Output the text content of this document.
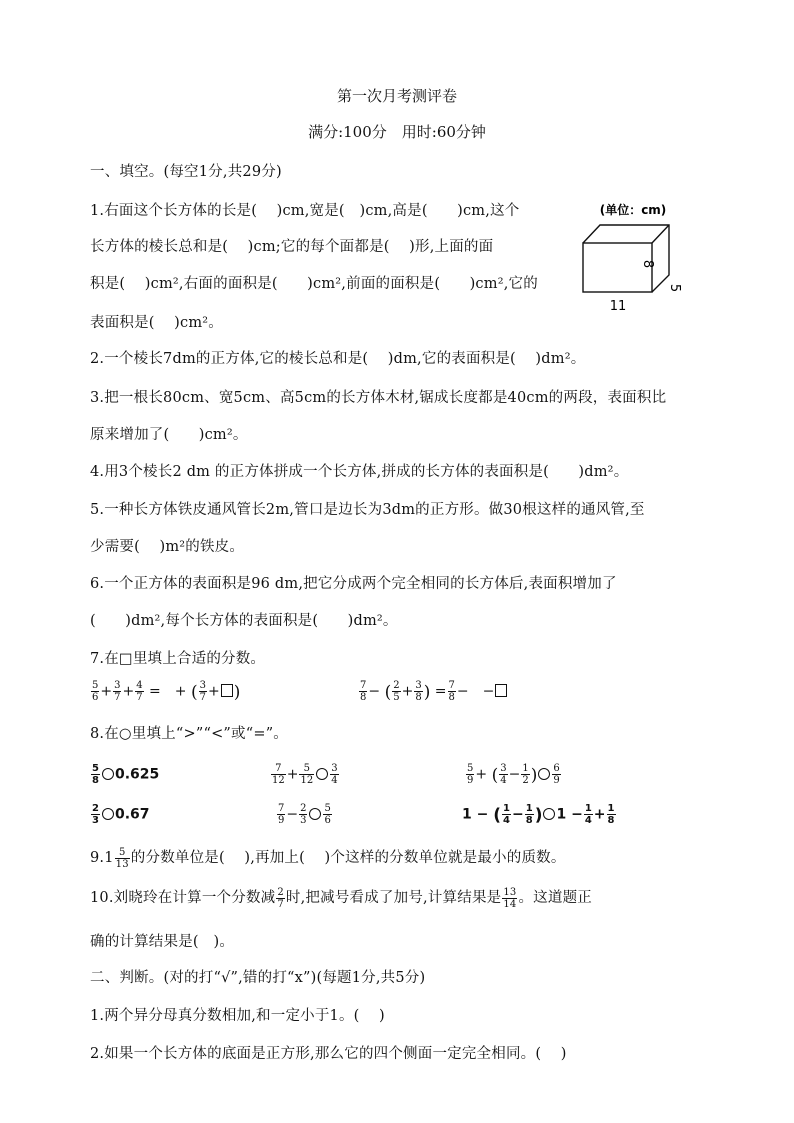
第一次月考测评卷
满分:100分　用时:60分钟
一、填空。(每空1分,共29分)
1.右面这个长方体的长是(　 )cm,宽是(　)cm,高是(　　)cm,这个
长方体的棱长总和是(　 )cm;它的每个面都是(　 )形,上面的面
积是(　 )cm²,右面的面积是(　　)cm²,前面的面积是(　　)cm²,它的
表面积是(　 )cm²。
(单位：cm)
8
5
11
2.一个棱长7dm的正方体,它的棱长总和是(　 )dm,它的表面积是(　 )dm²。
3.把一根长80cm、宽5cm、高5cm的长方体木材,锯成长度都是40cm的两段，表面积比
原来增加了(　　)cm²。
4.用3个棱长2 dm 的正方体拼成一个长方体,拼成的长方体的表面积是(　　)dm²。
5.一种长方体铁皮通风管长2m,管口是边长为3dm的正方形。做30根这样的通风管,至
少需要(　 )m²的铁皮。
6.一个正方体的表面积是96 dm,把它分成两个完全相同的长方体后,表面积增加了
(　　)dm²,每个长方体的表面积是(　　)dm²。
7.在□里填上合适的分数。
$\frac{5}{6} + \frac{3}{7} + \frac{4}{7}$ =　+ ( $\frac{3}{7}$ + )	$\frac{7}{8}$ − ( $\frac{2}{5} + \frac{3}{8}$ ) = $\frac{7}{8}$ −　−
8.在○里填上“>”“<”或“=”。
$\frac{5}{8} 0.625$	$\frac{7}{12} + \frac{5}{12} \frac{3}{4}$	$\frac{5}{9}$ + ( $\frac{3}{4} - \frac{1}{2}$ ) $\frac{6}{9}$
$\frac{2}{3} 0.67$	$\frac{7}{9} - \frac{2}{3} \frac{5}{6}$	1 − ( $\frac{1}{4} - \frac{1}{8}$ ) $1 - \frac{1}{4} + \frac{1}{8}$
$9.1 \frac{5}{13}$ 的分数单位是(　 ),再加上(　 )个这样的分数单位就是最小的质数。
10.刘晓玲在计算一个分数减 $\frac{2}{7}$ 时,把减号看成了加号,计算结果是 $\frac{13}{14}$ 。这道题正
确的计算结果是(　)。
二、判断。(对的打“√”,错的打“x”)(每题1分,共5分)
1.两个异分母真分数相加,和一定小于1。(　 )
2.如果一个长方体的底面是正方形,那么它的四个侧面一定完全相同。(　 )
